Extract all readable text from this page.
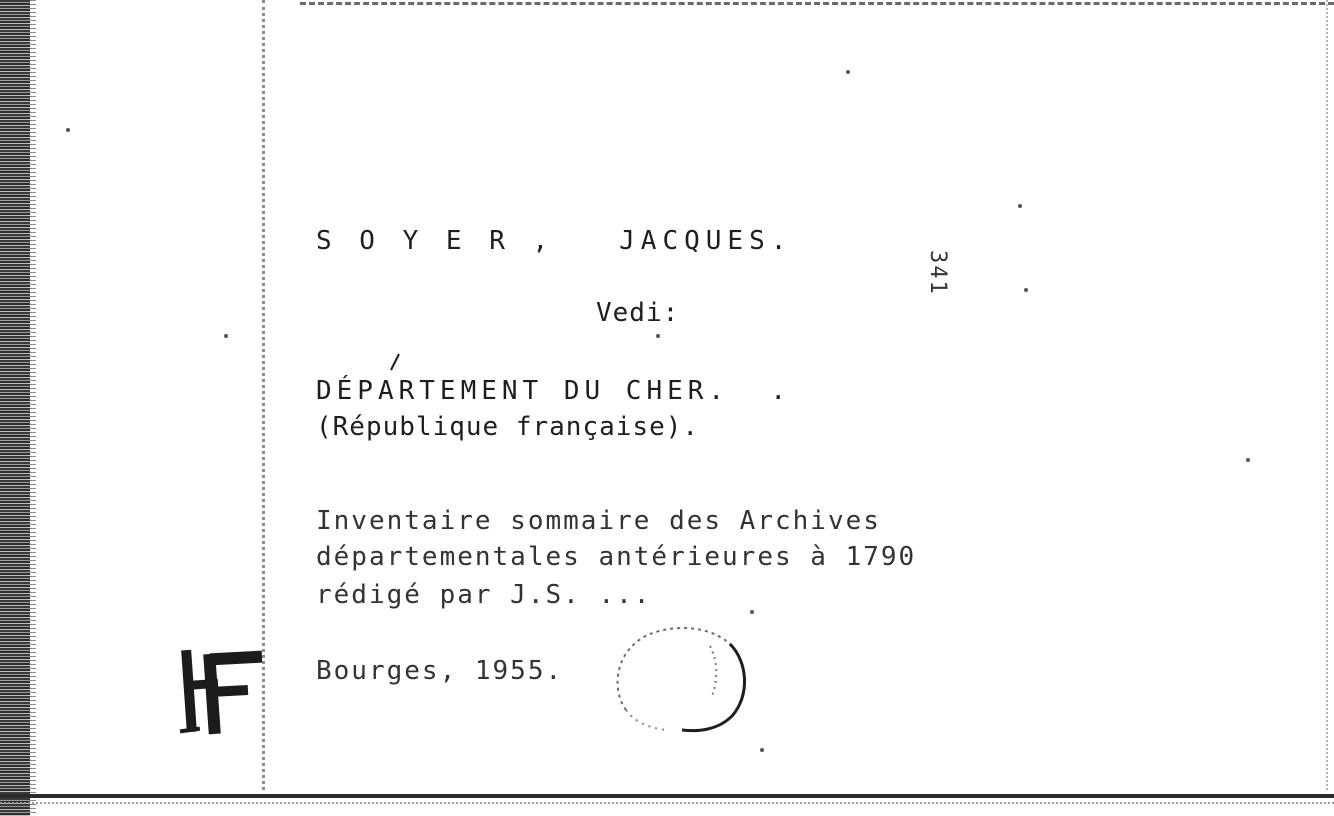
S O Y E R ,   JACQUES.
Vedi:
DÉPARTEMENT DU CHER.  .
(République française).
Inventaire sommaire des Archives
départementales antérieures à 1790
rédigé par J.S. ...
Bourges, 1955.
341
